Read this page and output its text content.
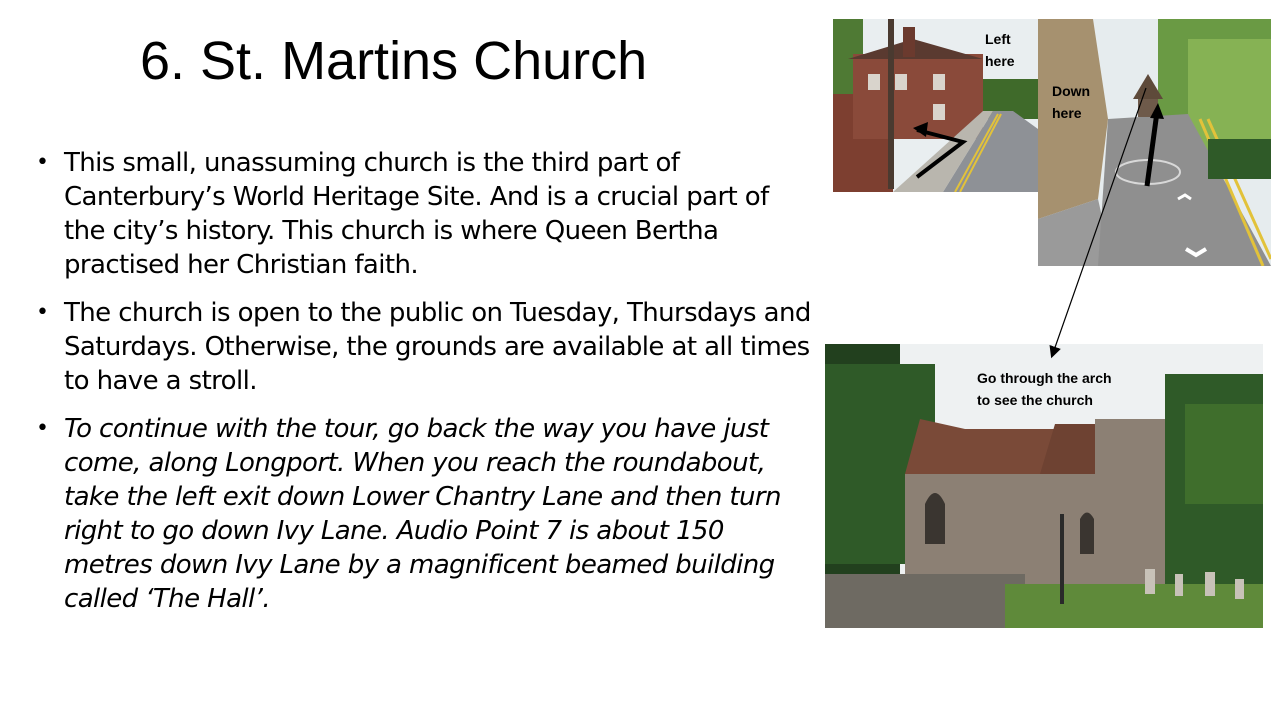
6. St. Martins Church
• This small, unassuming church is the third part of Canterbury’s World Heritage Site. And is a crucial part of the city’s history. This church is where Queen Bertha practised her Christian faith.
• The church is open to the public on Tuesday, Thursdays and Saturdays. Otherwise, the grounds are available at all times to have a stroll.
• To continue with the tour, go back the way you have just come, along Longport. When you reach the roundabout, take the left exit down Lower Chantry Lane and then turn right to go down Ivy Lane. Audio Point 7 is about 150 metres down Ivy Lane by a magnificent beamed building called ‘The Hall’.
Left
here
Down
here
Go through the arch
to see the church
